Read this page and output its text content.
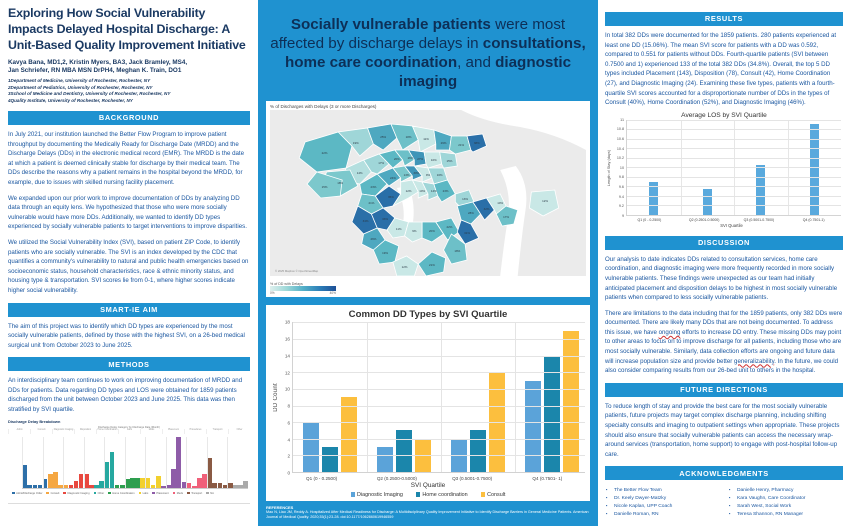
Exploring How Social Vulnerability Impacts Delayed Hospital Discharge: A Unit-Based Quality Improvement Initiative
Kavya Bana, MD1,2, Kristin Myers, BA3, Jack Bramley, MS4,
Jan Schriefer, RN MBA MSN DrPH4, Meghan K. Train, DO1
1Department of Medicine, University of Rochester, Rochester, NY
2Department of Pediatrics, University of Rochester, Rochester, NY
3School of Medicine and Dentistry, University of Rochester, Rochester, NY
4Quality Institute, University of Rochester, Rochester, NY
BACKGROUND

In July 2021, our institution launched the Better Flow Program to improve patient throughput by documenting the Medically Ready for Discharge Date (MRDD) and the Discharge Delays (DDs) in the electronic medical record (EMR). The MRDD is the date at which a patient is deemed clinically stable for discharge by their medical team. The DDs describe the reasons why a patient remains in the hospital beyond the MRDD, for example, due to issues with skilled nursing facility placement.

We expanded upon our prior work to improve documentation of DDs by analyzing DD data through an equity lens. We hypothesized that those who were more socially vulnerable would have more DDs. Additionally, we wanted to identify DD types experienced by socially vulnerable patients to target interventions to improve disparities.

We utilized the Social Vulnerability Index (SVI), based on patient ZIP Code, to identify patients who are socially vulnerable. The SVI is an index developed by the CDC that quantifies a community's vulnerability to natural and public health emergencies based on socioeconomic status, household characteristics, race & ethnic minority status, and housing type & transportation. SVI scores lie from 0-1, where higher scores indicate higher social vulnerability.

SMART-IE AIM

The aim of this project was to identify which DD types are experienced by the most socially vulnerable patients, defined by those with the highest SVI, on a 26-bed medical surgical unit from October 2023 to June 2025.

METHODS

An interdisciplinary team continues to work on improving documentation of MRDD and DDs for patients. Data regarding DD types and LOS were obtained for 1859 patients discharged from the unit between October 2023 and June 2025. This data was then stratified by SVI quartile.

Discharge Delay Breakdown
Discharge Delay Category by Discharge Date (Month)
Admit	Consult	Diagnostic Imaging	Disposition	Home Coordination	Labs	Meds	Placement	Procedures	Transport	Other
Admit/Discharge Order	Consult	Diagnostic Imaging	Other	Home Coordination	Labs	Placement	Meds	Transport	NA
Socially vulnerable patients were most affected by discharge delays in consultations, home care coordination, and diagnostic imaging
% of Discharges with Delays (3 or more Discharges)
22%
19%
25%	18%	11%
29%	21%	38%
14%
17%
20%	16% 27%	10%	15%
23%
24%
13% 30% 9% 16%
18%
21%
35%
12%	10% 14% 23%
34%	33%
11%	9%	20%
22%
26%
19%
13%
28%
31%
32%
10%
17%
12%
18%
12%	21%
15%
© 2025 Mapbox © OpenStreetMap
% of DD with Delays
0%	40%
Common DD Types by SVI Quartile
DD Count
0
2
4
6
8
10
12
14
16
18
Q1 (0 - 0.2500)	Q2 (0.2500-0.5000)	Q3 (0.5001-0.7500)	Q4 (0.7501- 1)
SVI Quartile
Diagnostic Imaging	Home coordination	Consult
REFERENCES
Mao N, Liao JM, Reddy A. Hospitalized After Medical Readiness for Discharge: A Multidisciplinary Quality Improvement Initiative to Identify Discharge Barriers in General Medicine Patients. American Journal of Medical Quality. 2020;35(1):23-28. doi:10.1177/1062860619946559
RESULTS

In total 382 DDs were documented for the 1859 patients. 280 patients experienced at least one DD (15.06%). The mean SVI score for patients with a DD was 0.592, compared to 0.551 for patients without DDs. Fourth-quartile patients (SVI between 0.7500 and 1) experienced 133 of the total 382 DDs (34.8%). Overall, the top 5 DD types included Placement (143), Disposition (78), Consult (42), Home Coordination (27), and Diagnostic Imaging (24). Examining these five types, patients with a fourth-quartile SVI scores accounted for a disproportionate number of DDs in the types of Consult (40%), Home Coordination (52%), and Diagnostic Imaging (46%).

Average LOS by SVI Quartile
Length of Stay (days)
9
9.2
9.4
9.6
9.8
10
10.2
10.4
10.6
10.8
11
Q1 (0 - 0.2500)	Q2 (0.2501-0.5000)	Q3 (0.5001-0.7500)	Q4 (0.7501-1)
SVI Quartile
DISCUSSION

Our analysis to date indicates DDs related to consultation services, home care coordination, and diagnostic imaging were more frequently recorded in more socially vulnerable patients. These findings were unexpected as our team had initially anticipated placement and disposition delays to be highest in most socially vulnerable patients when compared to less socially vulnerable patients.

There are limitations to the data including that for the 1859 patients, only 382 DDs were documented. There are likely many DDs that are not being documented. To address this issue, we have ongoing efforts to increase DD entry. These missing DDs may point to other areas to focus on to improve discharge for all patients, including those who are most socially vulnerable. Similarly, data collection efforts are ongoing and future data will increase population size and provide better generalizability. In the future, we could also consider comparing results from our 26-bed unit to others in the hospital.

FUTURE DIRECTIONS

To reduce length of stay and provide the best care for the most socially vulnerable patients, future projects may target complex discharge planning, including shifting specialty consults and imaging to outpatient settings when appropriate. These projects should also ensure that socially vulnerable patients can access the necessary wrap-around services (transportation, home support) to engage with post-hospital follow-up care.

ACKNOWLEDGMENTS
▪ The Better Flow Team
▪ Dr. Keely Dwyer-Matzky
▪ Nicole Kaplan, UPP Coach
▪ Danielle Roman, RN
▪ Danielle Henry, Pharmacy
▪ Kara Vaughn, Care Coordinator
▪ Sarah West, Social Work
▪ Teresa Shannon, RN Manager
